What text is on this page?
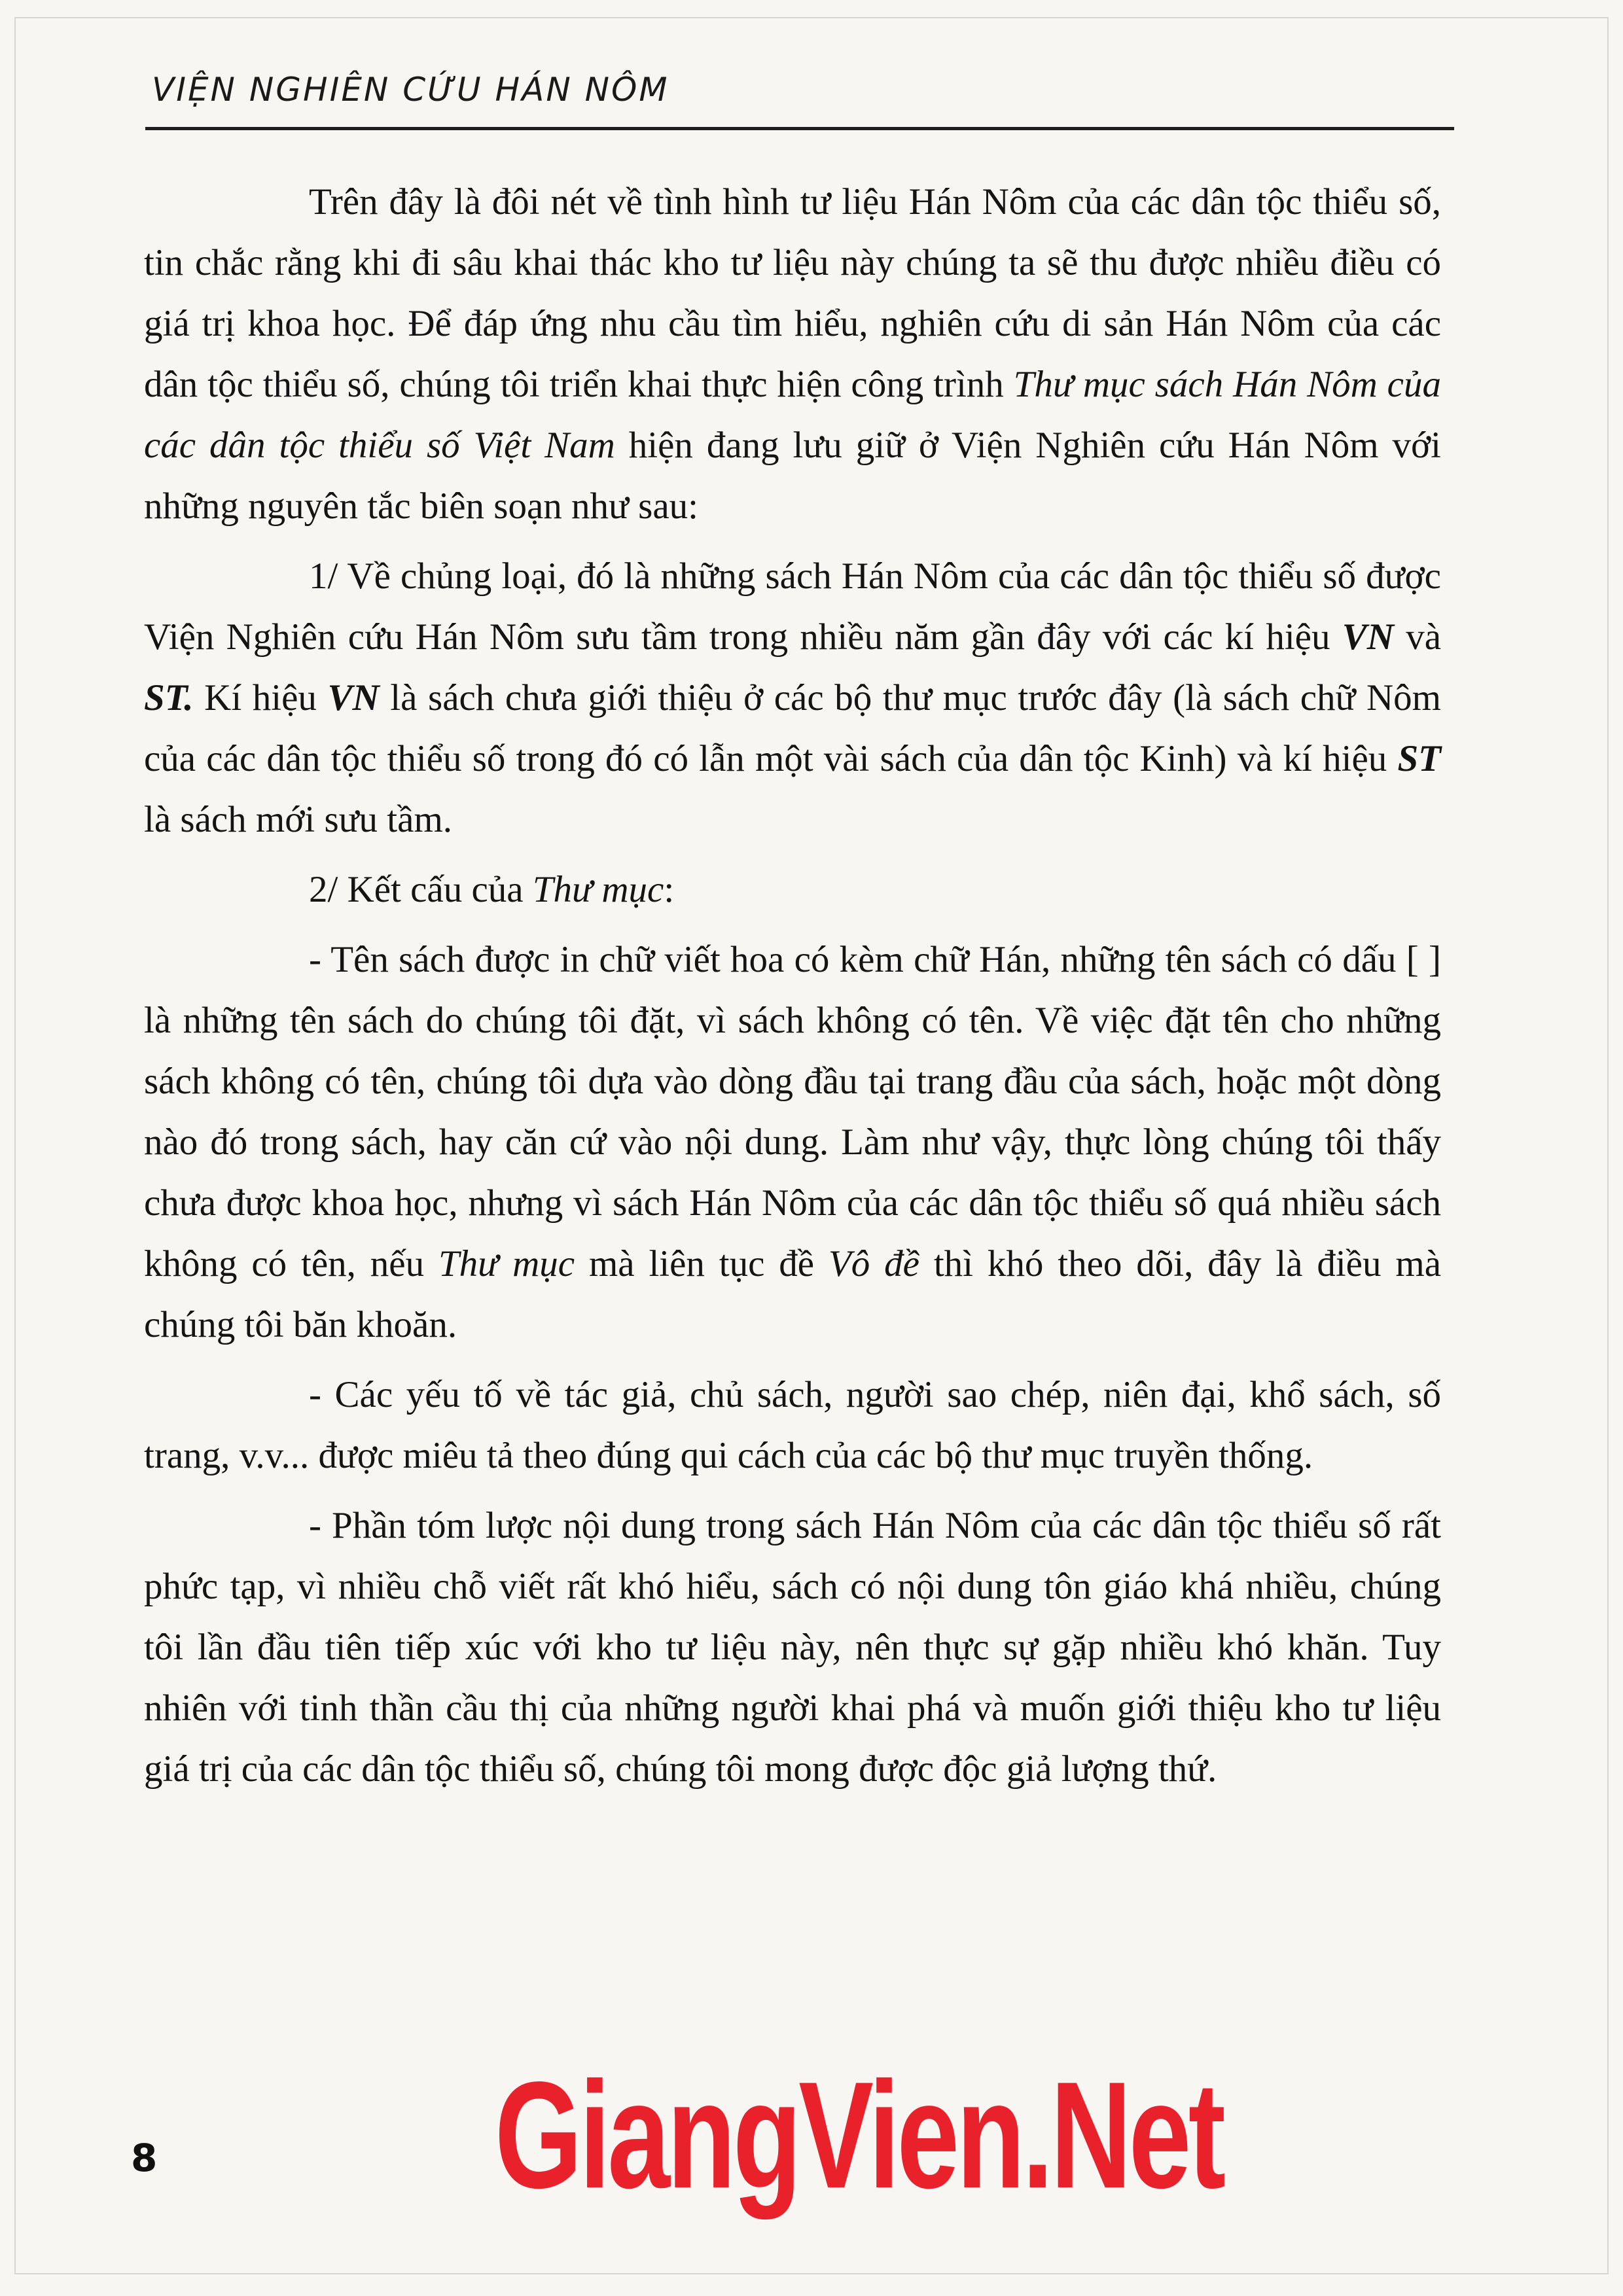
VIỆN NGHIÊN CỨU HÁN NÔM

Trên đây là đôi nét về tình hình tư liệu Hán Nôm của các dân tộc thiểu số, tin chắc rằng khi đi sâu khai thác kho tư liệu này chúng ta sẽ thu được nhiều điều có giá trị khoa học. Để đáp ứng nhu cầu tìm hiểu, nghiên cứu di sản Hán Nôm của các dân tộc thiểu số, chúng tôi triển khai thực hiện công trình Thư mục sách Hán Nôm của các dân tộc thiểu số Việt Nam hiện đang lưu giữ ở Viện Nghiên cứu Hán Nôm với những nguyên tắc biên soạn như sau:

1/ Về chủng loại, đó là những sách Hán Nôm của các dân tộc thiểu số được Viện Nghiên cứu Hán Nôm sưu tầm trong nhiều năm gần đây với các kí hiệu VN và ST. Kí hiệu VN là sách chưa giới thiệu ở các bộ thư mục trước đây (là sách chữ Nôm của các dân tộc thiểu số trong đó có lẫn một vài sách của dân tộc Kinh) và kí hiệu ST là sách mới sưu tầm.

2/ Kết cấu của Thư mục:

- Tên sách được in chữ viết hoa có kèm chữ Hán, những tên sách có dấu [ ] là những tên sách do chúng tôi đặt, vì sách không có tên. Về việc đặt tên cho những sách không có tên, chúng tôi dựa vào dòng đầu tại trang đầu của sách, hoặc một dòng nào đó trong sách, hay căn cứ vào nội dung. Làm như vậy, thực lòng chúng tôi thấy chưa được khoa học, nhưng vì sách Hán Nôm của các dân tộc thiểu số quá nhiều sách không có tên, nếu Thư mục mà liên tục đề Vô đề thì khó theo dõi, đây là điều mà chúng tôi băn khoăn.

- Các yếu tố về tác giả, chủ sách, người sao chép, niên đại, khổ sách, số trang, v.v... được miêu tả theo đúng qui cách của các bộ thư mục truyền thống.

- Phần tóm lược nội dung trong sách Hán Nôm của các dân tộc thiểu số rất phức tạp, vì nhiều chỗ viết rất khó hiểu, sách có nội dung tôn giáo khá nhiều, chúng tôi lần đầu tiên tiếp xúc với kho tư liệu này, nên thực sự gặp nhiều khó khăn. Tuy nhiên với tinh thần cầu thị của những người khai phá và muốn giới thiệu kho tư liệu giá trị của các dân tộc thiểu số, chúng tôi mong được độc giả lượng thứ.

8 GiangVien.Net
